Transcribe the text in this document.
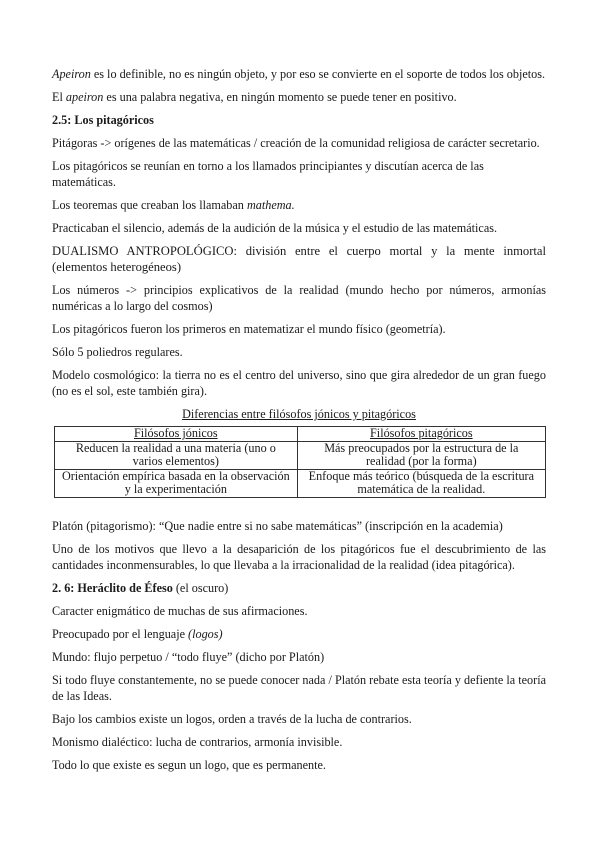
Apeiron es lo definible, no es ningún objeto, y por eso se convierte en el soporte de todos los objetos.

El apeiron es una palabra negativa, en ningún momento se puede tener en positivo.

2.5: Los pitagóricos

Pitágoras -> orígenes de las matemáticas / creación de la comunidad religiosa de carácter secretario.

Los pitagóricos se reunían en torno a los llamados principiantes y discutían acerca de las matemáticas.

Los teoremas que creaban los llamaban mathema.

Practicaban el silencio, además de la audición de la música y el estudio de las matemáticas.

DUALISMO ANTROPOLÓGICO: división entre el cuerpo mortal y la mente inmortal (elementos heterogéneos)

Los números -> principios explicativos de la realidad (mundo hecho por números, armonías numéricas a lo largo del cosmos)

Los pitagóricos fueron los primeros en matematizar el mundo físico (geometría).

Sólo 5 poliedros regulares.

Modelo cosmológico: la tierra no es el centro del universo, sino que gira alrededor de un gran fuego (no es el sol, este también gira).

Diferencias entre filósofos jónicos y pitagóricos

Filósofos jónicos	Filósofos pitagóricos
Reducen la realidad a una materia (uno o varios elementos)	Más preocupados por la estructura de la realidad (por la forma)
Orientación empírica basada en la observación y la experimentación	Enfoque más teórico (búsqueda de la escritura matemática de la realidad.

Platón (pitagorismo): “Que nadie entre si no sabe matemáticas” (inscripción en la academia)

Uno de los motivos que llevo a la desaparición de los pitagóricos fue el descubrimiento de las cantidades inconmensurables, lo que llevaba a la irracionalidad de la realidad (idea pitagórica).

2. 6: Heráclito de Éfeso (el oscuro)

Caracter enigmático de muchas de sus afirmaciones.

Preocupado por el lenguaje (logos)

Mundo: flujo perpetuo / “todo fluye” (dicho por Platón)

Si todo fluye constantemente, no se puede conocer nada / Platón rebate esta teoría y defiente la teoría de las Ideas.

Bajo los cambios existe un logos, orden a través de la lucha de contrarios.

Monismo dialéctico: lucha de contrarios, armonía invisible.

Todo lo que existe es segun un logo, que es permanente.
